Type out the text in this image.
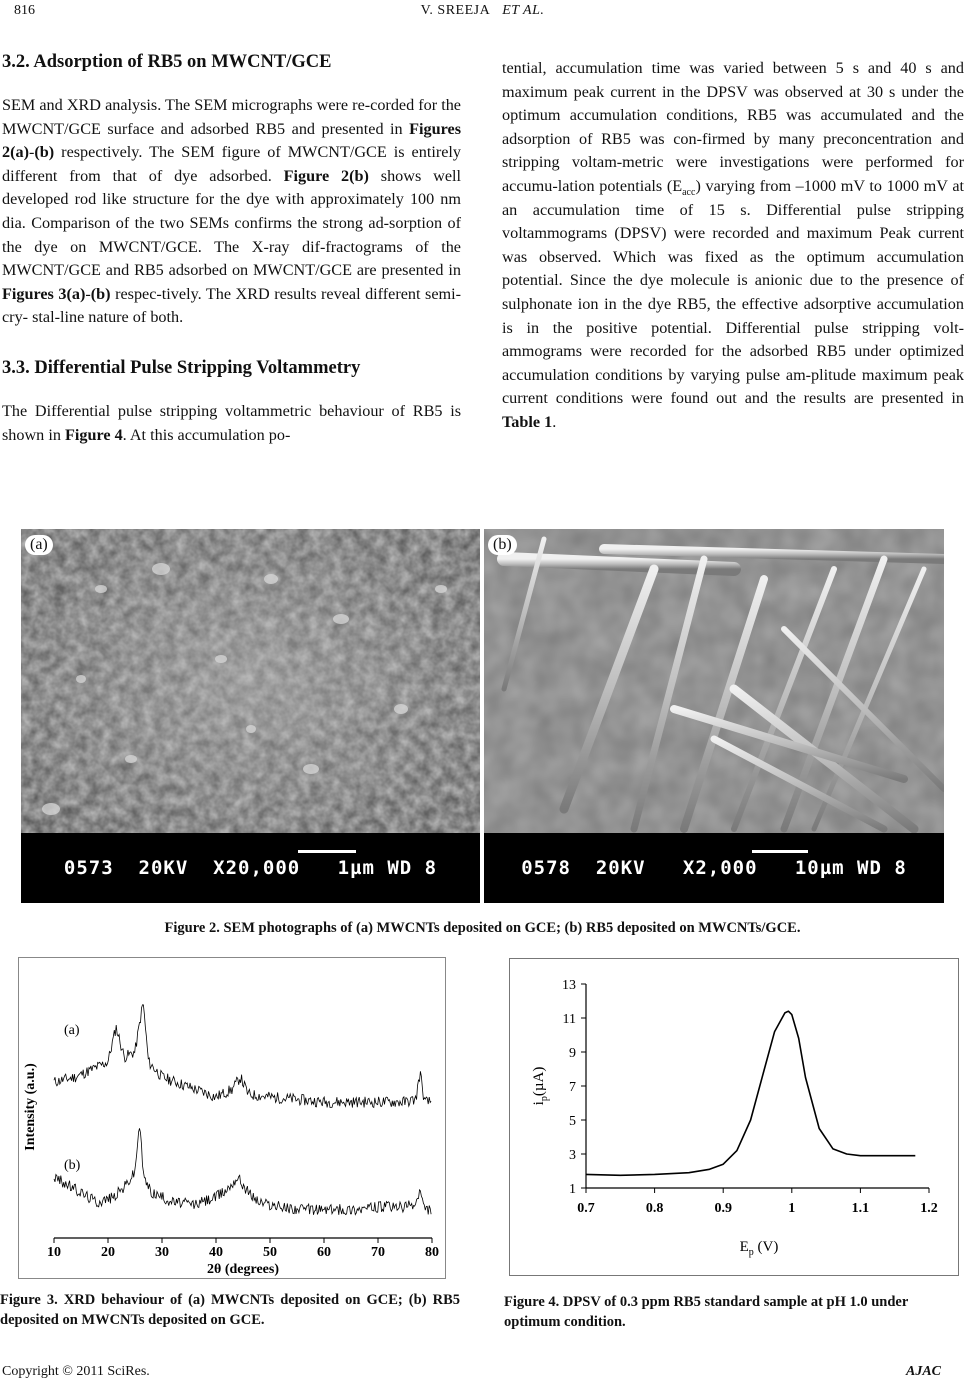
816	V. SREEJA ET AL.
3.2. Adsorption of RB5 on MWCNT/GCE

SEM and XRD analysis. The SEM micrographs were re-corded for the MWCNT/GCE surface and adsorbed RB5 and presented in Figures 2(a)-(b) respectively. The SEM figure of MWCNT/GCE is entirely different from that of dye adsorbed. Figure 2(b) shows well developed rod like structure for the dye with approximately 100 nm dia. Comparison of the two SEMs confirms the strong ad-sorption of the dye on MWCNT/GCE. The X-ray dif-fractograms of the MWCNT/GCE and RB5 adsorbed on MWCNT/GCE are presented in Figures 3(a)-(b) respec-tively. The XRD results reveal different semi-cry- stal-line nature of both.

3.3. Differential Pulse Stripping Voltammetry

The Differential pulse stripping voltammetric behaviour of RB5 is shown in Figure 4. At this accumulation po-

tential, accumulation time was varied between 5 s and 40 s and maximum peak current in the DPSV was observed at 30 s under the optimum accumulation conditions, RB5 was accumulated and the adsorption of RB5 was con-firmed by many preconcentration and stripping voltam-metric were investigations were performed for accumu-lation potentials $(E_{acc})$ varying from –1000 mV to 1000 mV at an accumulation time of 15 s. Differential pulse stripping voltammograms (DPSV) were recorded and maximum Peak current was observed. Which was fixed as the optimum accumulation potential. Since the dye molecule is anionic due to the presence of sulphonate ion in the dye RB5, the effective adsorptive accumulation is in the positive potential. Differential pulse stripping volt-ammograms were recorded for the adsorbed RB5 under optimized accumulation conditions by varying pulse am-plitude maximum peak current conditions were found out and the results are presented in Table 1.

0573  20KV  X20,000 1µm WD 8
(a)
0578  20KV   X2,000 10µm WD 8
(b)
Figure 2. SEM photographs of (a) MWCNTs deposited on GCE; (b) RB5 deposited on MWCNTs/GCE.
10	20	30	40	50	60	70	80
(a)
(b)
2θ (degrees)
Intensity (a.u.)
Figure 3. XRD behaviour of (a) MWCNTs deposited on GCE; (b) RB5 deposited on MWCNTs deposited on GCE.
1
3
5
7
9
11
13
0.7	0.8	0.9	1	1.1	1.2
$E_p$ (V)
$i_p(\mu A)$
Figure 4. DPSV of 0.3 ppm RB5 standard sample at pH 1.0 under optimum condition.
Copyright © 2011 SciRes.	AJAC
